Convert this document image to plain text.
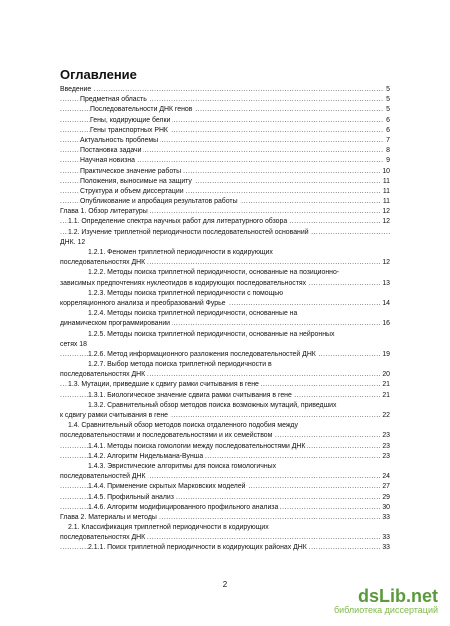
Оглавление
Введение	5
.....
Предметная область	5
.....
Последовательности ДНК генов	5
.....
Гены, кодирующие белки	6
.....
Гены транспортных РНК	6
.....
Актуальность проблемы	7
.....
Постановка задачи	8
.....
Научная новизна	9
.....
Практическое значение работы	10
.....
Положения, выносимые на защиту	11
.....
Структура и объем диссертации	11
.....
Опубликование и апробация результатов работы	11
.....
Глава 1. Обзор литературы	12
.....
1.1. Определение спектра научных работ для литературного обзора	12
.....
1.2. Изучение триплетной периодичности последовательностей оснований .....
ДНК. 12
1.2.1. Феномен триплетной периодичности в кодирующих
последовательностях ДНК	12
.....
1.2.2. Методы поиска триплетной периодичности, основанные на позиционно-
зависимых предпочтениях нуклеотидов в кодирующих последовательностях	13
.....
1.2.3. Методы поиска триплетной периодичности с помощью
корреляционного анализа и преобразований Фурье	14
.....
1.2.4. Методы поиска триплетной периодичности, основанные на
динамическом программировании	16
.....
1.2.5. Методы поиска триплетной периодичности, основанные на нейронных
сетях 18
1.2.6. Метод информационного разложения последовательностей ДНК	19
.....
1.2.7. Выбор метода поиска триплетной периодичности в
последовательностях ДНК	20
.....
1.3. Мутации, приведшие к сдвигу рамки считывания в гене	21
.....
1.3.1. Биологическое значение сдвига рамки считывания в гене	21
.....
1.3.2. Сравнительный обзор методов поиска возможных мутаций, приведших
к сдвигу рамки считывания в гене	22
.....
1.4. Сравнительный обзор методов поиска отдаленного подобия между
последовательностями и последовательностями и их семейством	23
.....
1.4.1. Методы поиска гомологии между последовательностями ДНК	23
.....
1.4.2. Алгоритм Нидельмана-Вунша	23
.....
1.4.3. Эвристические алгоритмы для поиска гомологичных
последовательностей ДНК	24
.....
1.4.4. Применение скрытых Марковских моделей	27
.....
1.4.5. Профильный анализ	29
.....
1.4.6. Алгоритм модифицированного профильного анализа	30
.....
Глава 2. Материалы и методы	33
.....
2.1. Классификация триплетной периодичности в кодирующих
последовательностях ДНК	33
.....
2.1.1. Поиск триплетной периодичности в кодирующих районах ДНК	33
.....
2
dsLib.net
библиотека диссертаций
